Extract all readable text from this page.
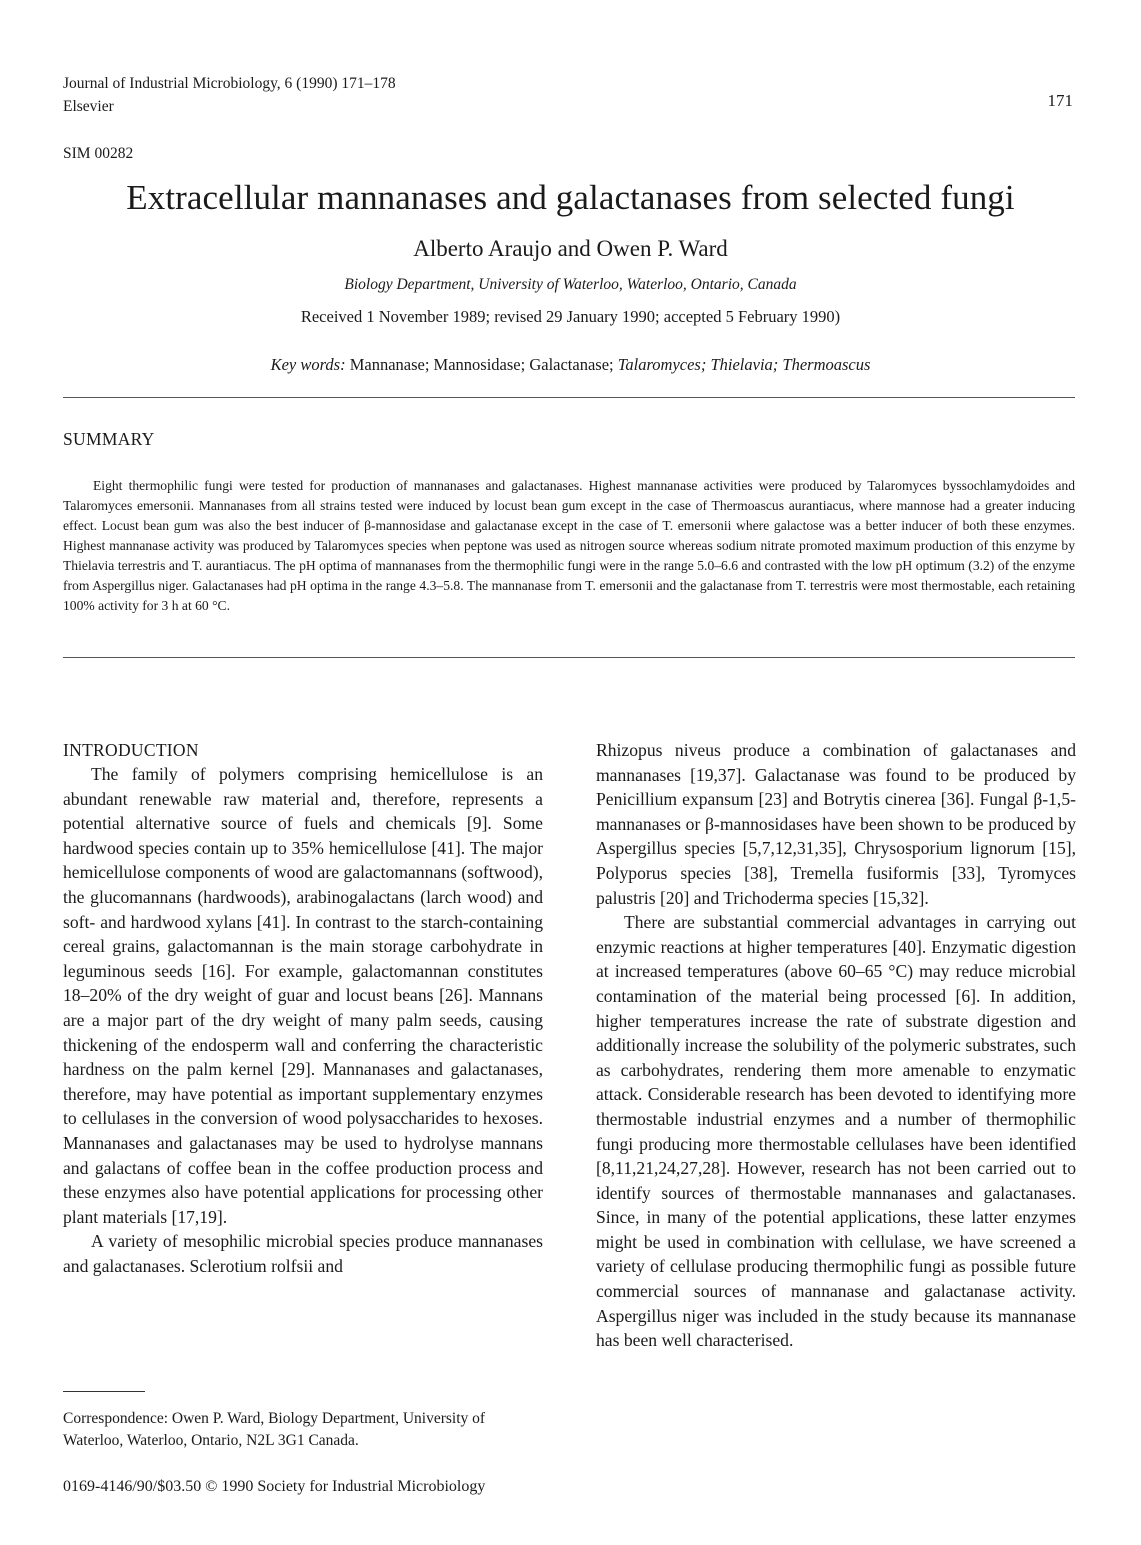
Journal of Industrial Microbiology, 6 (1990) 171–178
Elsevier	171
SIM 00282
Extracellular mannanases and galactanases from selected fungi
Alberto Araujo and Owen P. Ward
Biology Department, University of Waterloo, Waterloo, Ontario, Canada
Received 1 November 1989; revised 29 January 1990; accepted 5 February 1990)
Key words: Mannanase; Mannosidase; Galactanase; Talaromyces; Thielavia; Thermoascus
SUMMARY
Eight thermophilic fungi were tested for production of mannanases and galactanases. Highest mannanase activities were produced by Talaromyces byssochlamydoides and Talaromyces emersonii. Mannanases from all strains tested were induced by locust bean gum except in the case of Thermoascus aurantiacus, where mannose had a greater inducing effect. Locust bean gum was also the best inducer of β-mannosidase and galactanase except in the case of T. emersonii where galactose was a better inducer of both these enzymes. Highest mannanase activity was produced by Talaromyces species when peptone was used as nitrogen source whereas sodium nitrate promoted maximum production of this enzyme by Thielavia terrestris and T. aurantiacus. The pH optima of mannanases from the thermophilic fungi were in the range 5.0–6.6 and contrasted with the low pH optimum (3.2) of the enzyme from Aspergillus niger. Galactanases had pH optima in the range 4.3–5.8. The mannanase from T. emersonii and the galactanase from T. terrestris were most thermostable, each retaining 100% activity for 3 h at 60 °C.
INTRODUCTION

The family of polymers comprising hemicellulose is an abundant renewable raw material and, therefore, represents a potential alternative source of fuels and chemicals [9]. Some hardwood species contain up to 35% hemicellulose [41]. The major hemicellulose components of wood are galactomannans (softwood), the glucomannans (hardwoods), arabinogalactans (larch wood) and soft- and hardwood xylans [41]. In contrast to the starch-containing cereal grains, galactomannan is the main storage carbohydrate in leguminous seeds [16]. For example, galactomannan constitutes 18–20% of the dry weight of guar and locust beans [26]. Mannans are a major part of the dry weight of many palm seeds, causing thickening of the endosperm wall and conferring the characteristic hardness on the palm kernel [29]. Mannanases and galactanases, therefore, may have potential as important supplementary enzymes to cellulases in the conversion of wood polysaccharides to hexoses. Mannanases and galactanases may be used to hydrolyse mannans and galactans of coffee bean in the coffee production process and these enzymes also have potential applications for processing other plant materials [17,19].

A variety of mesophilic microbial species produce mannanases and galactanases. Sclerotium rolfsii and

Rhizopus niveus produce a combination of galactanases and mannanases [19,37]. Galactanase was found to be produced by Penicillium expansum [23] and Botrytis cinerea [36]. Fungal β-1,5-mannanases or β-mannosidases have been shown to be produced by Aspergillus species [5,7,12,31,35], Chrysosporium lignorum [15], Polyporus species [38], Tremella fusiformis [33], Tyromyces palustris [20] and Trichoderma species [15,32].

There are substantial commercial advantages in carrying out enzymic reactions at higher temperatures [40]. Enzymatic digestion at increased temperatures (above 60–65 °C) may reduce microbial contamination of the material being processed [6]. In addition, higher temperatures increase the rate of substrate digestion and additionally increase the solubility of the polymeric substrates, such as carbohydrates, rendering them more amenable to enzymatic attack. Considerable research has been devoted to identifying more thermostable industrial enzymes and a number of thermophilic fungi producing more thermostable cellulases have been identified [8,11,21,24,27,28]. However, research has not been carried out to identify sources of thermostable mannanases and galactanases. Since, in many of the potential applications, these latter enzymes might be used in combination with cellulase, we have screened a variety of cellulase producing thermophilic fungi as possible future commercial sources of mannanase and galactanase activity. Aspergillus niger was included in the study because its mannanase has been well characterised.

Correspondence: Owen P. Ward, Biology Department, University of Waterloo, Waterloo, Ontario, N2L 3G1 Canada.
0169-4146/90/$03.50 © 1990 Society for Industrial Microbiology
